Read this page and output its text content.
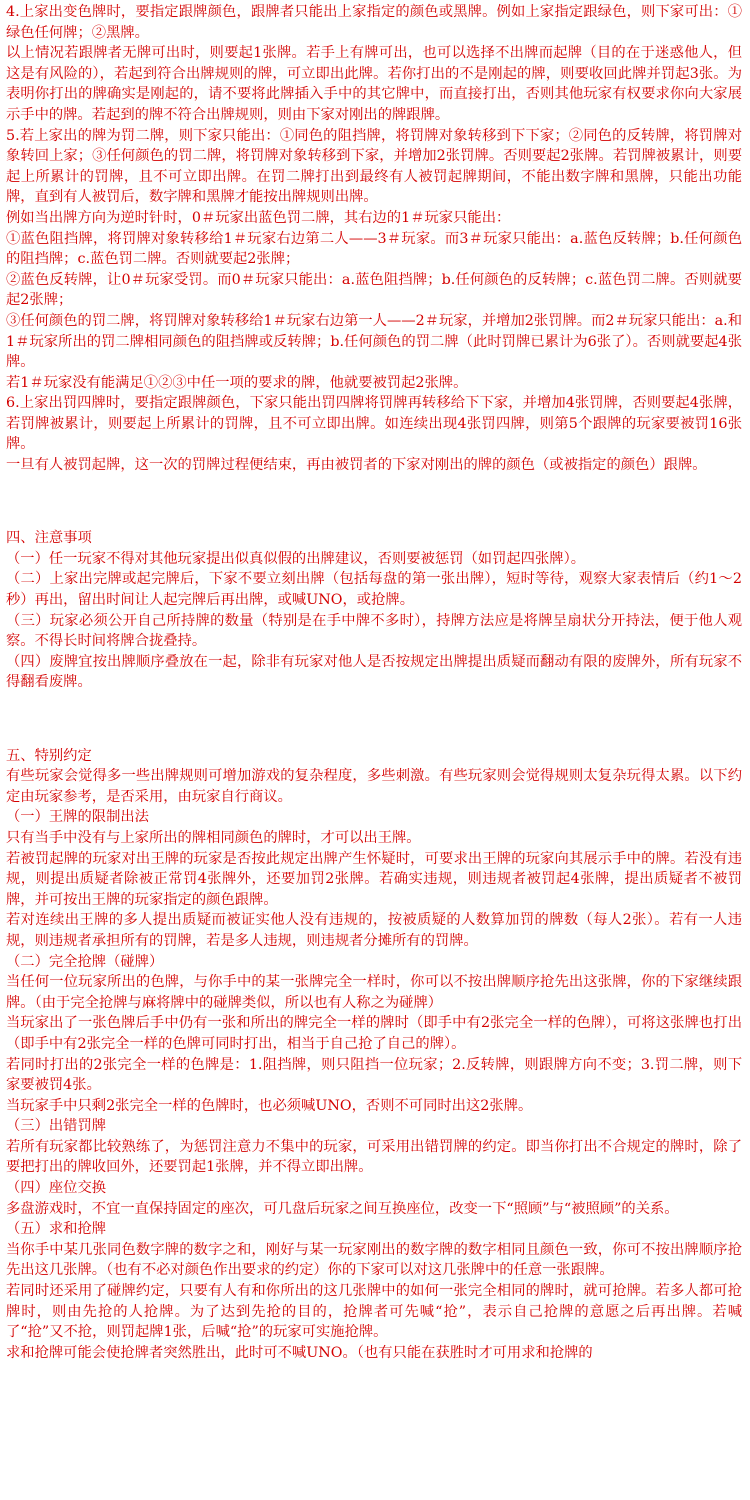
4.上家出变色牌时，要指定跟牌颜色，跟牌者只能出上家指定的颜色或黑牌。例如上家指定跟绿色，则下家可出：①绿色任何牌；②黑牌。

以上情况若跟牌者无牌可出时，则要起1张牌。若手上有牌可出，也可以选择不出牌而起牌（目的在于迷惑他人，但这是有风险的），若起到符合出牌规则的牌，可立即出此牌。若你打出的不是刚起的牌，则要收回此牌并罚起3张。为表明你打出的牌确实是刚起的，请不要将此牌插入手中的其它牌中，而直接打出，否则其他玩家有权要求你向大家展示手中的牌。若起到的牌不符合出牌规则，则由下家对刚出的牌跟牌。

5.若上家出的牌为罚二牌，则下家只能出：①同色的阻挡牌，将罚牌对象转移到下下家；②同色的反转牌，将罚牌对象转回上家；③任何颜色的罚二牌，将罚牌对象转移到下家，并增加2张罚牌。否则要起2张牌。若罚牌被累计，则要起上所累计的罚牌，且不可立即出牌。在罚二牌打出到最终有人被罚起牌期间，不能出数字牌和黑牌，只能出功能牌，直到有人被罚后，数字牌和黑牌才能按出牌规则出牌。

例如当出牌方向为逆时针时，0＃玩家出蓝色罚二牌，其右边的1＃玩家只能出：

①蓝色阻挡牌，将罚牌对象转移给1＃玩家右边第二人——3＃玩家。而3＃玩家只能出：a.蓝色反转牌；b.任何颜色的阻挡牌；c.蓝色罚二牌。否则就要起2张牌；

②蓝色反转牌，让0＃玩家受罚。而0＃玩家只能出：a.蓝色阻挡牌；b.任何颜色的反转牌；c.蓝色罚二牌。否则就要起2张牌；

③任何颜色的罚二牌，将罚牌对象转移给1＃玩家右边第一人——2＃玩家，并增加2张罚牌。而2＃玩家只能出：a.和1＃玩家所出的罚二牌相同颜色的阻挡牌或反转牌；b.任何颜色的罚二牌（此时罚牌已累计为6张了）。否则就要起4张牌。

若1＃玩家没有能满足①②③中任一项的要求的牌，他就要被罚起2张牌。

6.上家出罚四牌时，要指定跟牌颜色，下家只能出罚四牌将罚牌再转移给下下家，并增加4张罚牌，否则要起4张牌，若罚牌被累计，则要起上所累计的罚牌，且不可立即出牌。如连续出现4张罚四牌，则第5个跟牌的玩家要被罚16张牌。

一旦有人被罚起牌，这一次的罚牌过程便结束，再由被罚者的下家对刚出的牌的颜色（或被指定的颜色）跟牌。

四、注意事项

（一）任一玩家不得对其他玩家提出似真似假的出牌建议，否则要被惩罚（如罚起四张牌）。

（二）上家出完牌或起完牌后，下家不要立刻出牌（包括每盘的第一张出牌），短时等待，观察大家表情后（约1～2秒）再出，留出时间让人起完牌后再出牌，或喊UNO，或抢牌。

（三）玩家必须公开自己所持牌的数量（特别是在手中牌不多时），持牌方法应是将牌呈扇状分开持法，便于他人观察。不得长时间将牌合拢叠持。

（四）废牌宜按出牌顺序叠放在一起，除非有玩家对他人是否按规定出牌提出质疑而翻动有限的废牌外，所有玩家不得翻看废牌。

五、特别约定

有些玩家会觉得多一些出牌规则可增加游戏的复杂程度，多些刺激。有些玩家则会觉得规则太复杂玩得太累。以下约定由玩家参考，是否采用，由玩家自行商议。

（一）王牌的限制出法

只有当手中没有与上家所出的牌相同颜色的牌时，才可以出王牌。

若被罚起牌的玩家对出王牌的玩家是否按此规定出牌产生怀疑时，可要求出王牌的玩家向其展示手中的牌。若没有违规，则提出质疑者除被正常罚4张牌外，还要加罚2张牌。若确实违规，则违规者被罚起4张牌，提出质疑者不被罚牌，并可按出王牌的玩家指定的颜色跟牌。

若对连续出王牌的多人提出质疑而被证实他人没有违规的，按被质疑的人数算加罚的牌数（每人2张）。若有一人违规，则违规者承担所有的罚牌，若是多人违规，则违规者分摊所有的罚牌。

（二）完全抢牌（碰牌）

当任何一位玩家所出的色牌，与你手中的某一张牌完全一样时，你可以不按出牌顺序抢先出这张牌，你的下家继续跟牌。（由于完全抢牌与麻将牌中的碰牌类似，所以也有人称之为碰牌）

当玩家出了一张色牌后手中仍有一张和所出的牌完全一样的牌时（即手中有2张完全一样的色牌），可将这张牌也打出（即手中有2张完全一样的色牌可同时打出，相当于自己抢了自己的牌）。

若同时打出的2张完全一样的色牌是：1.阻挡牌，则只阻挡一位玩家；2.反转牌，则跟牌方向不变；3.罚二牌，则下家要被罚4张。

当玩家手中只剩2张完全一样的色牌时，也必须喊UNO，否则不可同时出这2张牌。

（三）出错罚牌

若所有玩家都比较熟练了，为惩罚注意力不集中的玩家，可采用出错罚牌的约定。即当你打出不合规定的牌时，除了要把打出的牌收回外，还要罚起1张牌，并不得立即出牌。

（四）座位交换

多盘游戏时，不宜一直保持固定的座次，可几盘后玩家之间互换座位，改变一下“照顾”与“被照顾”的关系。

（五）求和抢牌

当你手中某几张同色数字牌的数字之和，刚好与某一玩家刚出的数字牌的数字相同且颜色一致，你可不按出牌顺序抢先出这几张牌。（也有不必对颜色作出要求的约定）你的下家可以对这几张牌中的任意一张跟牌。

若同时还采用了碰牌约定，只要有人有和你所出的这几张牌中的如何一张完全相同的牌时，就可抢牌。若多人都可抢牌时，则由先抢的人抢牌。为了达到先抢的目的，抢牌者可先喊“抢”，表示自己抢牌的意愿之后再出牌。若喊了“抢”又不抢，则罚起牌1张，后喊“抢”的玩家可实施抢牌。

求和抢牌可能会使抢牌者突然胜出，此时可不喊UNO。（也有只能在获胜时才可用求和抢牌的
